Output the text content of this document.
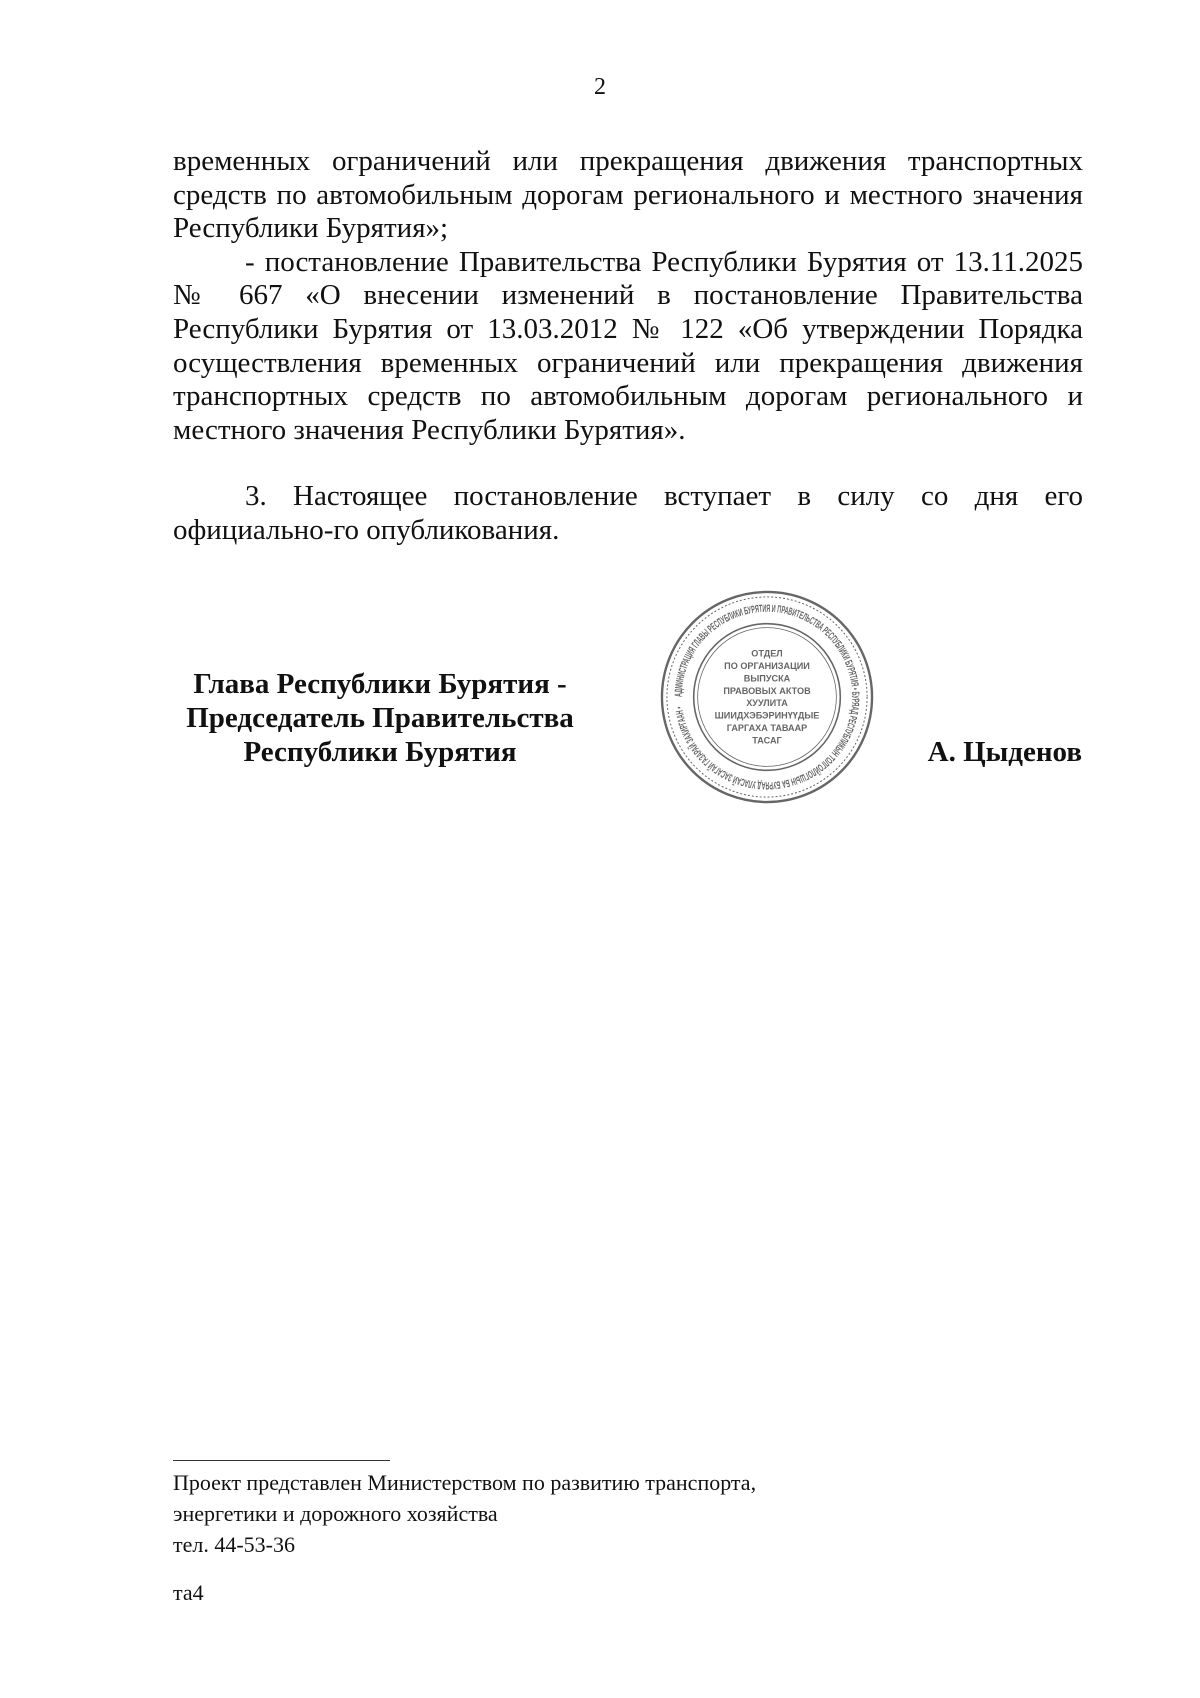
2

временных ограничений или прекращения движения транспортных средств по автомобильным дорогам регионального и местного значения Республики Бурятия»;

- постановление Правительства Республики Бурятия от 13.11.2025 № 667 «О внесении изменений в постановление Правительства Республики Бурятия от 13.03.2012 № 122 «Об утверждении Порядка осуществления временных ограничений или прекращения движения транспортных средств по автомобильным дорогам регионального и местного значения Республики Бурятия».

3. Настоящее постановление вступает в силу со дня его официально-го опубликования.

Глава Республики Бурятия -
Председатель Правительства
Республики Бурятия
АДМИНИСТРАЦИЯ ГЛАВЫ РЕСПУБЛИКИ БУРЯТИЯ И ПРАВИТЕЛЬСТВА РЕСПУБЛИКИ БУРЯТИЯ • БУРЯАД РЕСПУБЛИКЫН ТОЛГОЙЛОГШЫН БА БУРЯАД УЛАСАЙ ЗАСАГАЙ ГАЗАРАЙ ЗАХИРГААН •
ОТДЕЛ
ПО ОРГАНИЗАЦИИ
ВЫПУСКА
ПРАВОВЫХ АКТОВ
ХУУЛИТА
ШИИДХЭБЭРИНҮҮДЫЕ
ГАРГАХА ТАВААР
ТАСАГ	А. Цыденов
Проект представлен Министерством по развитию транспорта,
энергетики и дорожного хозяйства
тел. 44-53-36
та4
